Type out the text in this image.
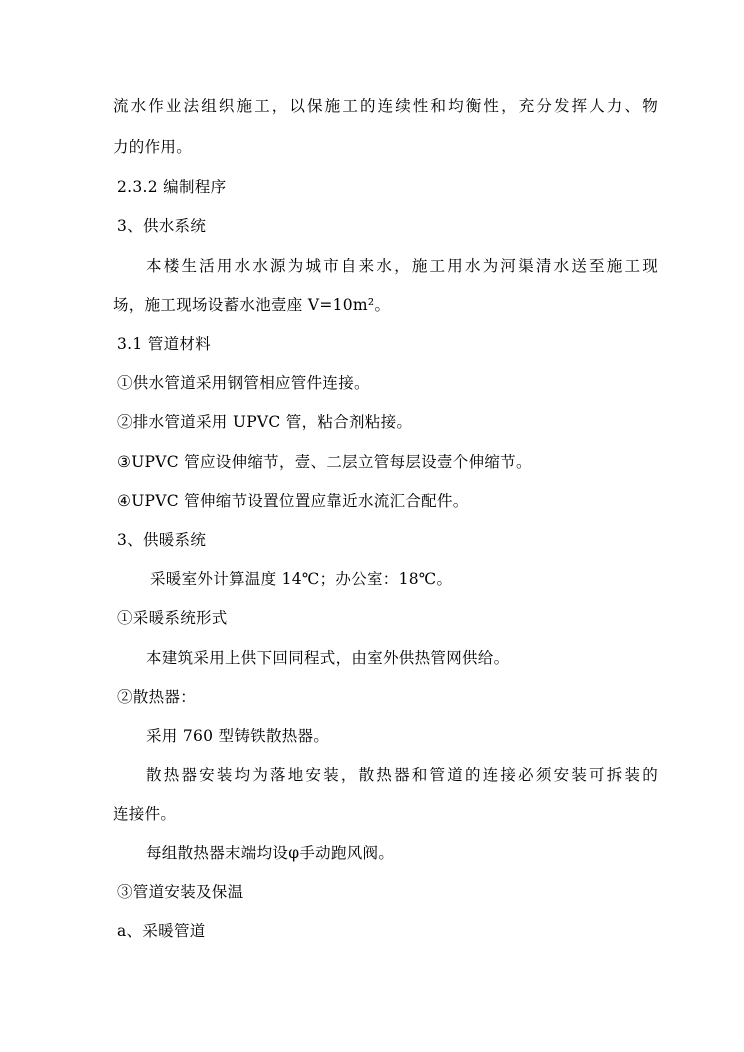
流水作业法组织施工，以保施工的连续性和均衡性，充分发挥人力、物
力的作用。
2.3.2 编制程序
3、供水系统
本楼生活用水水源为城市自来水，施工用水为河渠清水送至施工现
场，施工现场设蓄水池壹座 V=10m²。
3.1 管道材料
①供水管道采用钢管相应管件连接。
②排水管道采用 UPVC 管，粘合剂粘接。
③UPVC 管应设伸缩节，壹、二层立管每层设壹个伸缩节。
④UPVC 管伸缩节设置位置应靠近水流汇合配件。
3、供暖系统
采暖室外计算温度 14℃；办公室：18℃。
①采暖系统形式
本建筑采用上供下回同程式，由室外供热管网供给。
②散热器：
采用 760 型铸铁散热器。
散热器安装均为落地安装，散热器和管道的连接必须安装可拆装的
连接件。
每组散热器末端均设φ手动跑风阀。
③管道安装及保温
a、采暖管道
